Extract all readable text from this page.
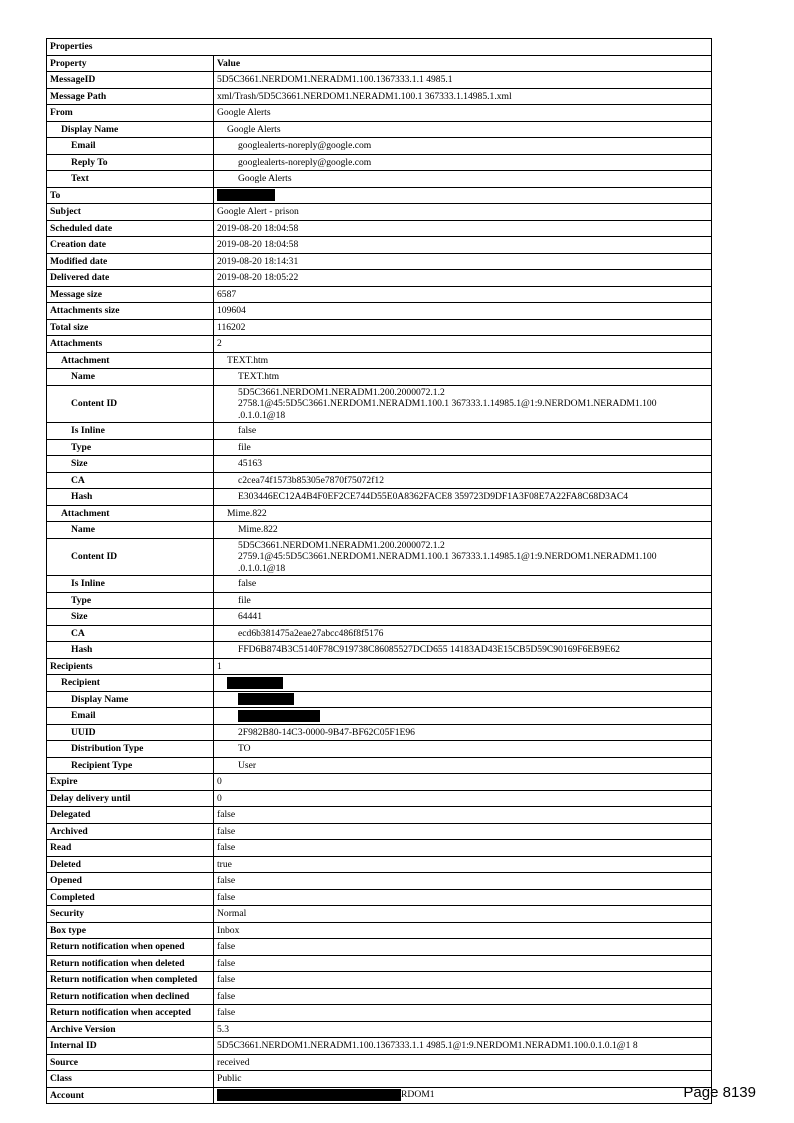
Properties	
Property	Value
MessageID	5D5C3661.NERDOM1.NERADM1.100.1367333.1.1 4985.1
Message Path	xml/Trash/5D5C3661.NERDOM1.NERADM1.100.1 367333.1.14985.1.xml
From	Google Alerts
Display Name	Google Alerts
Email	googlealerts-noreply@google.com
Reply To	googlealerts-noreply@google.com
Text	Google Alerts
To	
Subject	Google Alert - prison
Scheduled date	2019-08-20 18:04:58
Creation date	2019-08-20 18:04:58
Modified date	2019-08-20 18:14:31
Delivered date	2019-08-20 18:05:22
Message size	6587
Attachments size	109604
Total size	116202
Attachments	2
Attachment	TEXT.htm
Name	TEXT.htm
Content ID	5D5C3661.NERDOM1.NERADM1.200.2000072.1.2
2758.1@45:5D5C3661.NERDOM1.NERADM1.100.1 367333.1.14985.1@1:9.NERDOM1.NERADM1.100
.0.1.0.1@18

Is Inline	false
Type	file
Size	45163
CA	c2cea74f1573b85305e7870f75072f12
Hash	E303446EC12A4B4F0EF2CE744D55E0A8362FACE8 359723D9DF1A3F08E7A22FA8C68D3AC4
Attachment	Mime.822
Name	Mime.822
Content ID	5D5C3661.NERDOM1.NERADM1.200.2000072.1.2
2759.1@45:5D5C3661.NERDOM1.NERADM1.100.1 367333.1.14985.1@1:9.NERDOM1.NERADM1.100
.0.1.0.1@18

Is Inline	false
Type	file
Size	64441
CA	ecd6b381475a2eae27abcc486f8f5176
Hash	FFD6B874B3C5140F78C919738C86085527DCD655 14183AD43E15CB5D59C90169F6EB9E62
Recipients	1
Recipient	
Display Name	
Email	
UUID	2F982B80-14C3-0000-9B47-BF62C05F1E96
Distribution Type	TO
Recipient Type	User
Expire	0
Delay delivery until	0
Delegated	false
Archived	false
Read	false
Deleted	true
Opened	false
Completed	false
Security	Normal
Box type	Inbox
Return notification when opened	false
Return notification when deleted	false
Return notification when completed	false
Return notification when declined	false
Return notification when accepted	false
Archive Version	5.3
Internal ID	5D5C3661.NERDOM1.NERADM1.100.1367333.1.1 4985.1@1:9.NERDOM1.NERADM1.100.0.1.0.1@1 8
Source	received
Class	Public
Account	RDOM1	Page 8139
